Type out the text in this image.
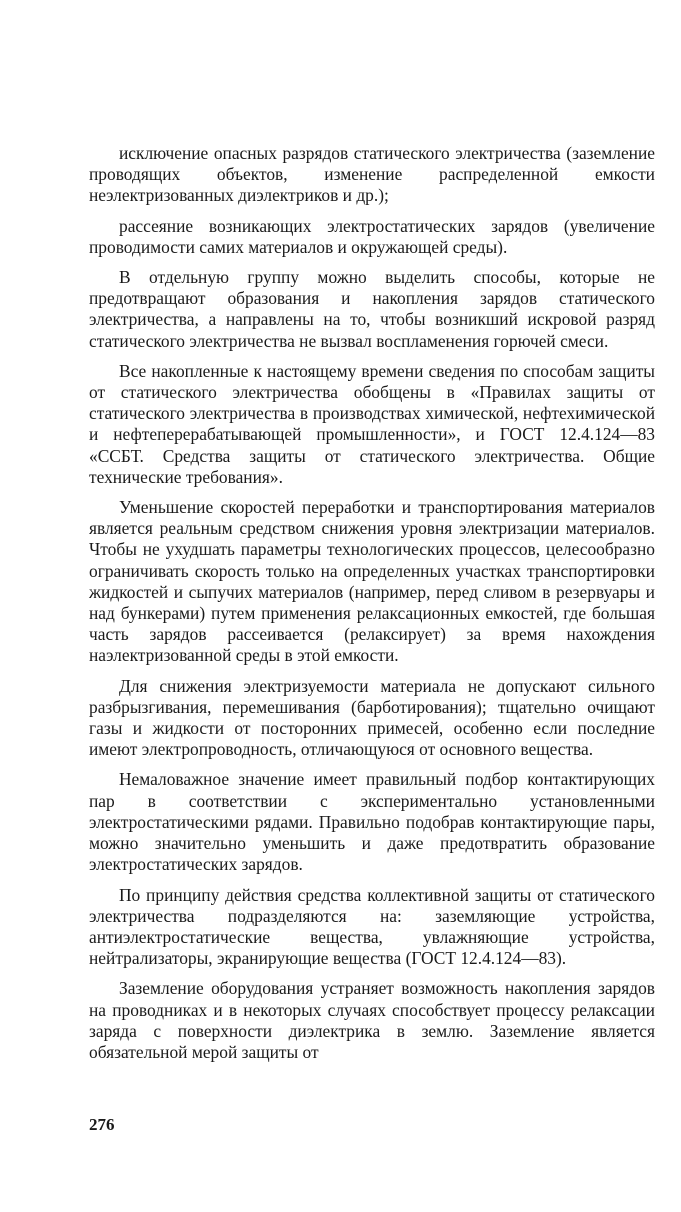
исключение опасных разрядов статического электричества (заземление проводящих объектов, изменение распределенной емкости неэлектризованных диэлектриков и др.);

рассеяние возникающих электростатических зарядов (увеличение проводимости самих материалов и окружающей среды).

В отдельную группу можно выделить способы, которые не предотвращают образования и накопления зарядов статического электричества, а направлены на то, чтобы возникший искровой разряд статического электричества не вызвал воспламенения горючей смеси.

Все накопленные к настоящему времени сведения по способам защиты от статического электричества обобщены в «Правилах защиты от статического электричества в производствах химической, нефтехимической и нефтеперерабатывающей промышленности», и ГОСТ 12.4.124—83 «ССБТ. Средства защиты от статического электричества. Общие технические требования».

Уменьшение скоростей переработки и транспортирования материалов является реальным средством снижения уровня электризации материалов. Чтобы не ухудшать параметры технологических процессов, целесообразно ограничивать скорость только на определенных участках транспортировки жидкостей и сыпучих материалов (например, перед сливом в резервуары и над бункерами) путем применения релаксационных емкостей, где большая часть зарядов рассеивается (релаксирует) за время нахождения наэлектризованной среды в этой емкости.

Для снижения электризуемости материала не допускают сильного разбрызгивания, перемешивания (барботирования); тщательно очищают газы и жидкости от посторонних примесей, особенно если последние имеют электропроводность, отличающуюся от основного вещества.

Немаловажное значение имеет правильный подбор контактирующих пар в соответствии с экспериментально установленными электростатическими рядами. Правильно подобрав контактирующие пары, можно значительно уменьшить и даже предотвратить образование электростатических зарядов.

По принципу действия средства коллективной защиты от статического электричества подразделяются на: заземляющие устройства, антиэлектростатические вещества, увлажняющие устройства, нейтрализаторы, экранирующие вещества (ГОСТ 12.4.124—83).

Заземление оборудования устраняет возможность накопления зарядов на проводниках и в некоторых случаях способствует процессу релаксации заряда с поверхности диэлектрика в землю. Заземление является обязательной мерой защиты от

276
